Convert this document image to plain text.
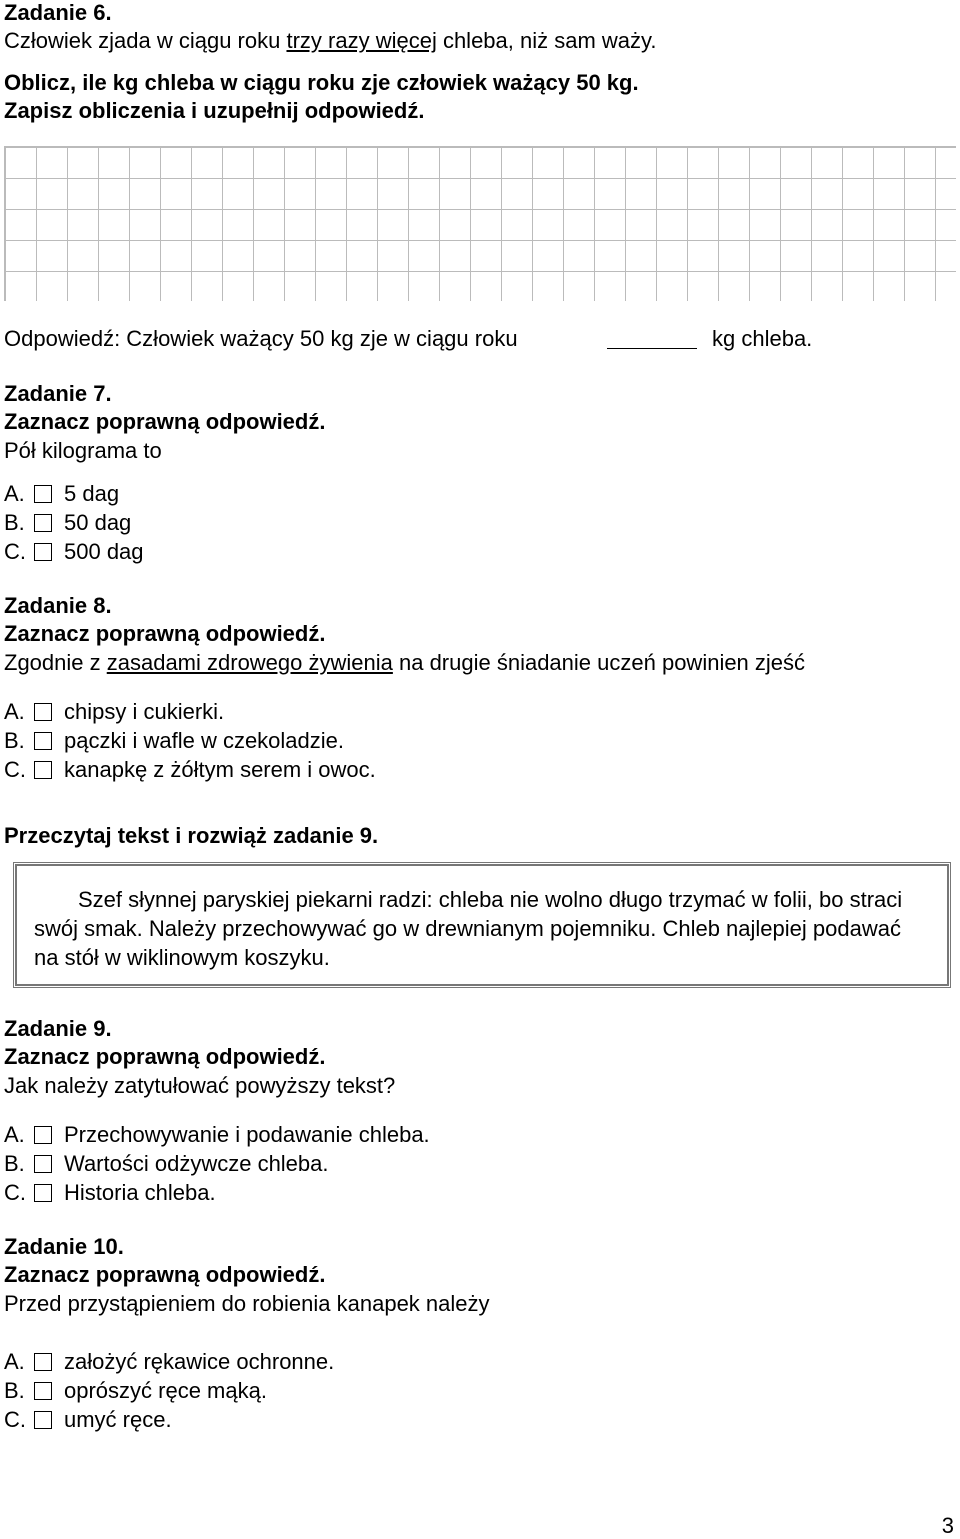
Zadanie 6.
Człowiek zjada w ciągu roku trzy razy więcej chleba, niż sam waży.
Oblicz, ile kg chleba w ciągu roku zje człowiek ważący 50 kg.
Zapisz obliczenia i uzupełnij odpowiedź.
Odpowiedź: Człowiek ważący 50 kg zje w ciągu roku	kg chleba.
Zadanie 7.
Zaznacz poprawną odpowiedź.
Pół kilograma to
A. 5 dag
B. 50 dag
C. 500 dag
Zadanie 8.
Zaznacz poprawną odpowiedź.
Zgodnie z zasadami zdrowego żywienia na drugie śniadanie uczeń powinien zjeść
A. chipsy i cukierki.
B. pączki i wafle w czekoladzie.
C. kanapkę z żółtym serem i owoc.
Przeczytaj tekst i rozwiąż zadanie 9.

Szef słynnej paryskiej piekarni radzi: chleba nie wolno długo trzymać w folii, bo straci swój smak. Należy przechowywać go w drewnianym pojemniku. Chleb najlepiej podawać na stół w wiklinowym koszyku.

Zadanie 9.
Zaznacz poprawną odpowiedź.
Jak należy zatytułować powyższy tekst?
A. Przechowywanie i podawanie chleba.
B. Wartości odżywcze chleba.
C. Historia chleba.
Zadanie 10.
Zaznacz poprawną odpowiedź.
Przed przystąpieniem do robienia kanapek należy
A. założyć rękawice ochronne.
B. oprószyć ręce mąką.
C. umyć ręce.
3
